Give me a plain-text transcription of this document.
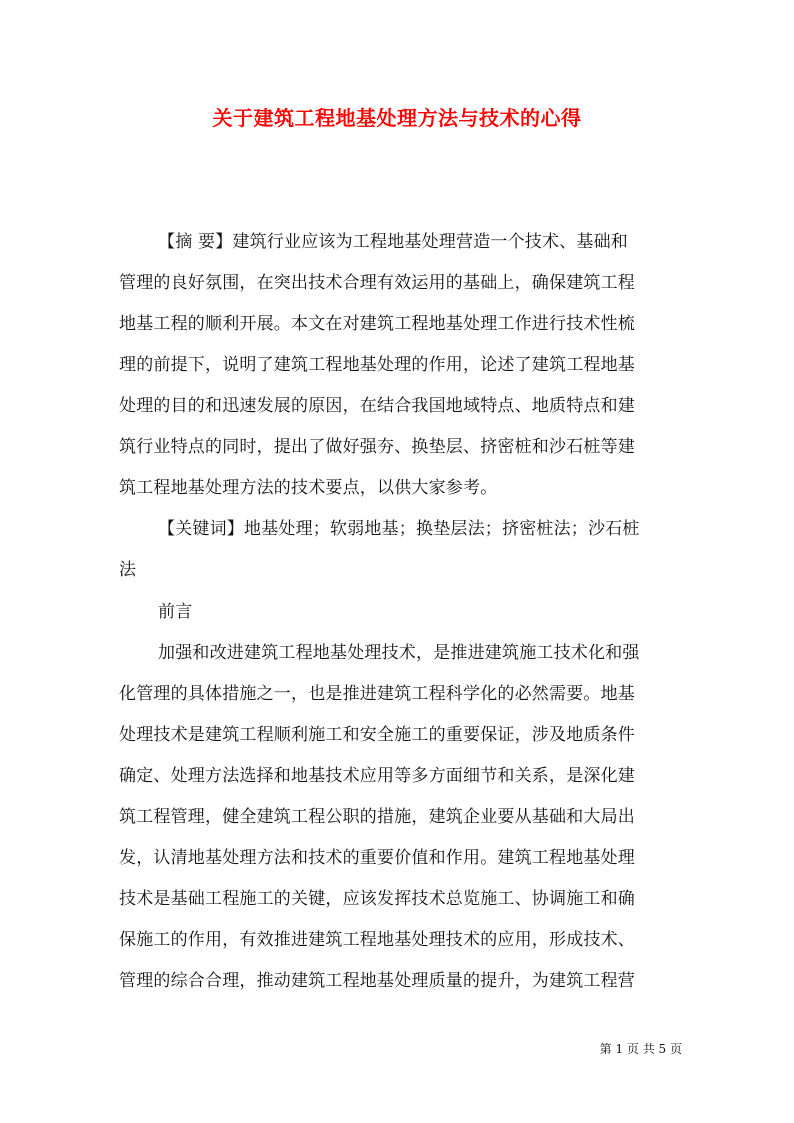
关于建筑工程地基处理方法与技术的心得
【摘 要】建筑行业应该为工程地基处理营造一个技术、基础和
管理的良好氛围，在突出技术合理有效运用的基础上，确保建筑工程
地基工程的顺利开展。本文在对建筑工程地基处理工作进行技术性梳
理的前提下，说明了建筑工程地基处理的作用，论述了建筑工程地基
处理的目的和迅速发展的原因，在结合我国地域特点、地质特点和建
筑行业特点的同时，提出了做好强夯、换垫层、挤密桩和沙石桩等建
筑工程地基处理方法的技术要点，以供大家参考。
【关键词】地基处理；软弱地基；换垫层法；挤密桩法；沙石桩
法
前言
加强和改进建筑工程地基处理技术，是推进建筑施工技术化和强
化管理的具体措施之一，也是推进建筑工程科学化的必然需要。地基
处理技术是建筑工程顺利施工和安全施工的重要保证，涉及地质条件
确定、处理方法选择和地基技术应用等多方面细节和关系，是深化建
筑工程管理，健全建筑工程公职的措施，建筑企业要从基础和大局出
发，认清地基处理方法和技术的重要价值和作用。建筑工程地基处理
技术是基础工程施工的关键，应该发挥技术总览施工、协调施工和确
保施工的作用，有效推进建筑工程地基处理技术的应用，形成技术、
管理的综合合理，推动建筑工程地基处理质量的提升，为建筑工程营
第 1 页 共 5 页
